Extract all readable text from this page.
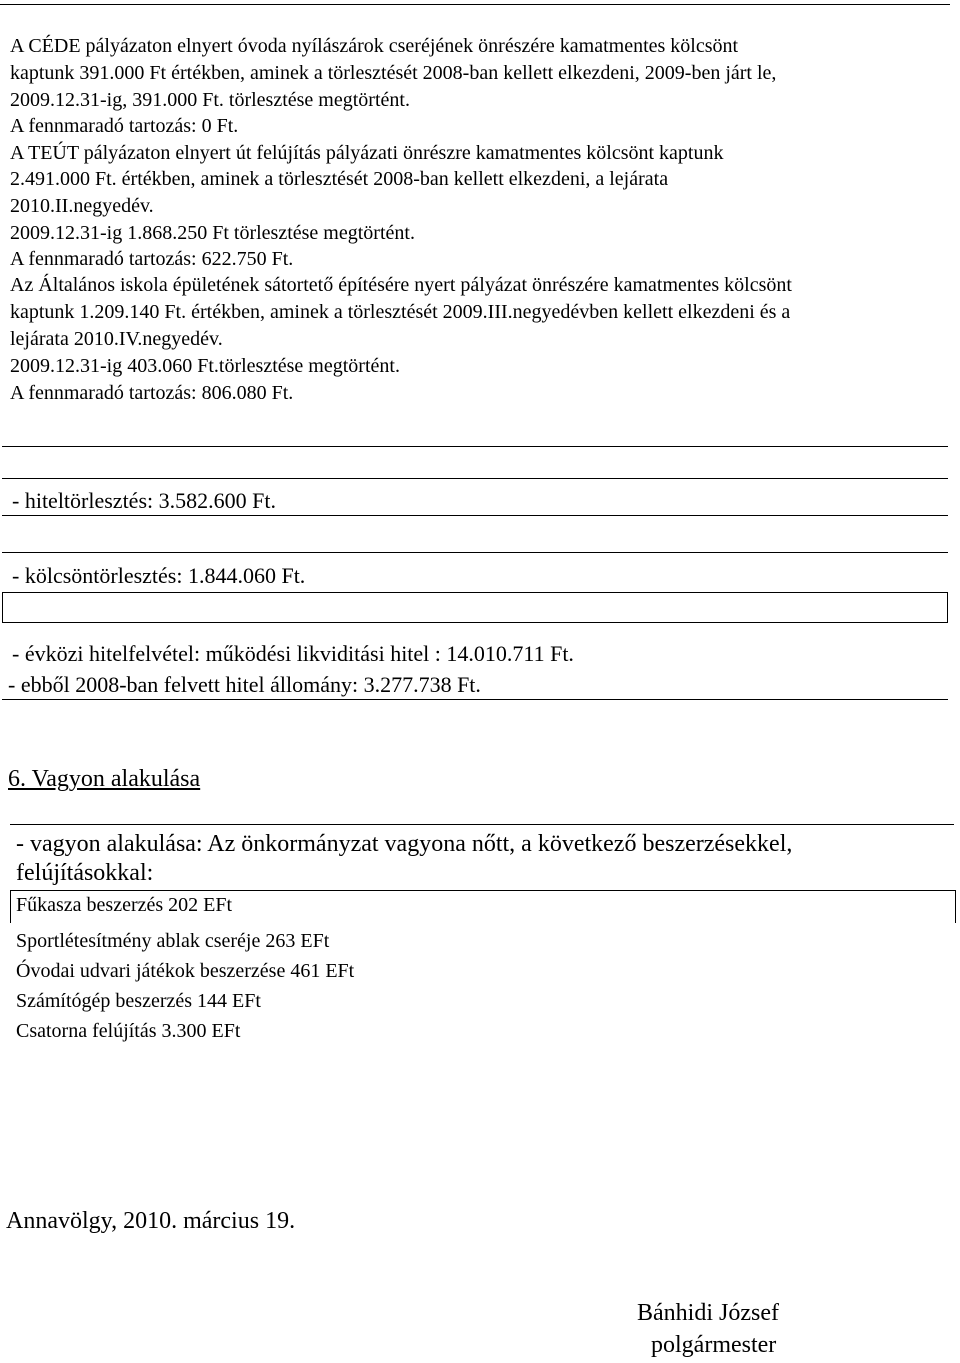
A CÉDE pályázaton elnyert óvoda nyílászárok cseréjének önrészére kamatmentes kölcsönt
kaptunk 391.000 Ft értékben, aminek a törlesztését 2008-ban kellett elkezdeni, 2009-ben járt le,
2009.12.31-ig, 391.000 Ft. törlesztése megtörtént.
A fennmaradó tartozás: 0 Ft.
A TEÚT pályázaton elnyert út felújítás pályázati önrészre kamatmentes kölcsönt kaptunk
2.491.000 Ft. értékben, aminek a törlesztését 2008-ban kellett elkezdeni, a lejárata
2010.II.negyedév.
2009.12.31-ig 1.868.250 Ft törlesztése megtörtént.
A fennmaradó tartozás: 622.750 Ft.
Az Általános iskola épületének sátortető építésére nyert pályázat önrészére kamatmentes kölcsönt
kaptunk 1.209.140 Ft. értékben, aminek a törlesztését 2009.III.negyedévben kellett elkezdeni és a
lejárata 2010.IV.negyedév.
2009.12.31-ig 403.060 Ft.törlesztése megtörtént.
A fennmaradó tartozás: 806.080 Ft.
- hiteltörlesztés: 3.582.600 Ft.
- kölcsöntörlesztés: 1.844.060 Ft.
- évközi hitelfelvétel: működési likviditási hitel : 14.010.711 Ft.
- ebből 2008-ban felvett hitel állomány: 3.277.738 Ft.
6. Vagyon alakulása
- vagyon alakulása: Az önkormányzat vagyona nőtt, a következő beszerzésekkel,
felújításokkal:
Fűkasza beszerzés 202 EFt
Sportlétesítmény ablak cseréje 263 EFt
Óvodai udvari játékok beszerzése 461 EFt
Számítógép beszerzés 144 EFt
Csatorna felújítás 3.300 EFt
Annavölgy, 2010. március 19.
Bánhidi József
polgármester
